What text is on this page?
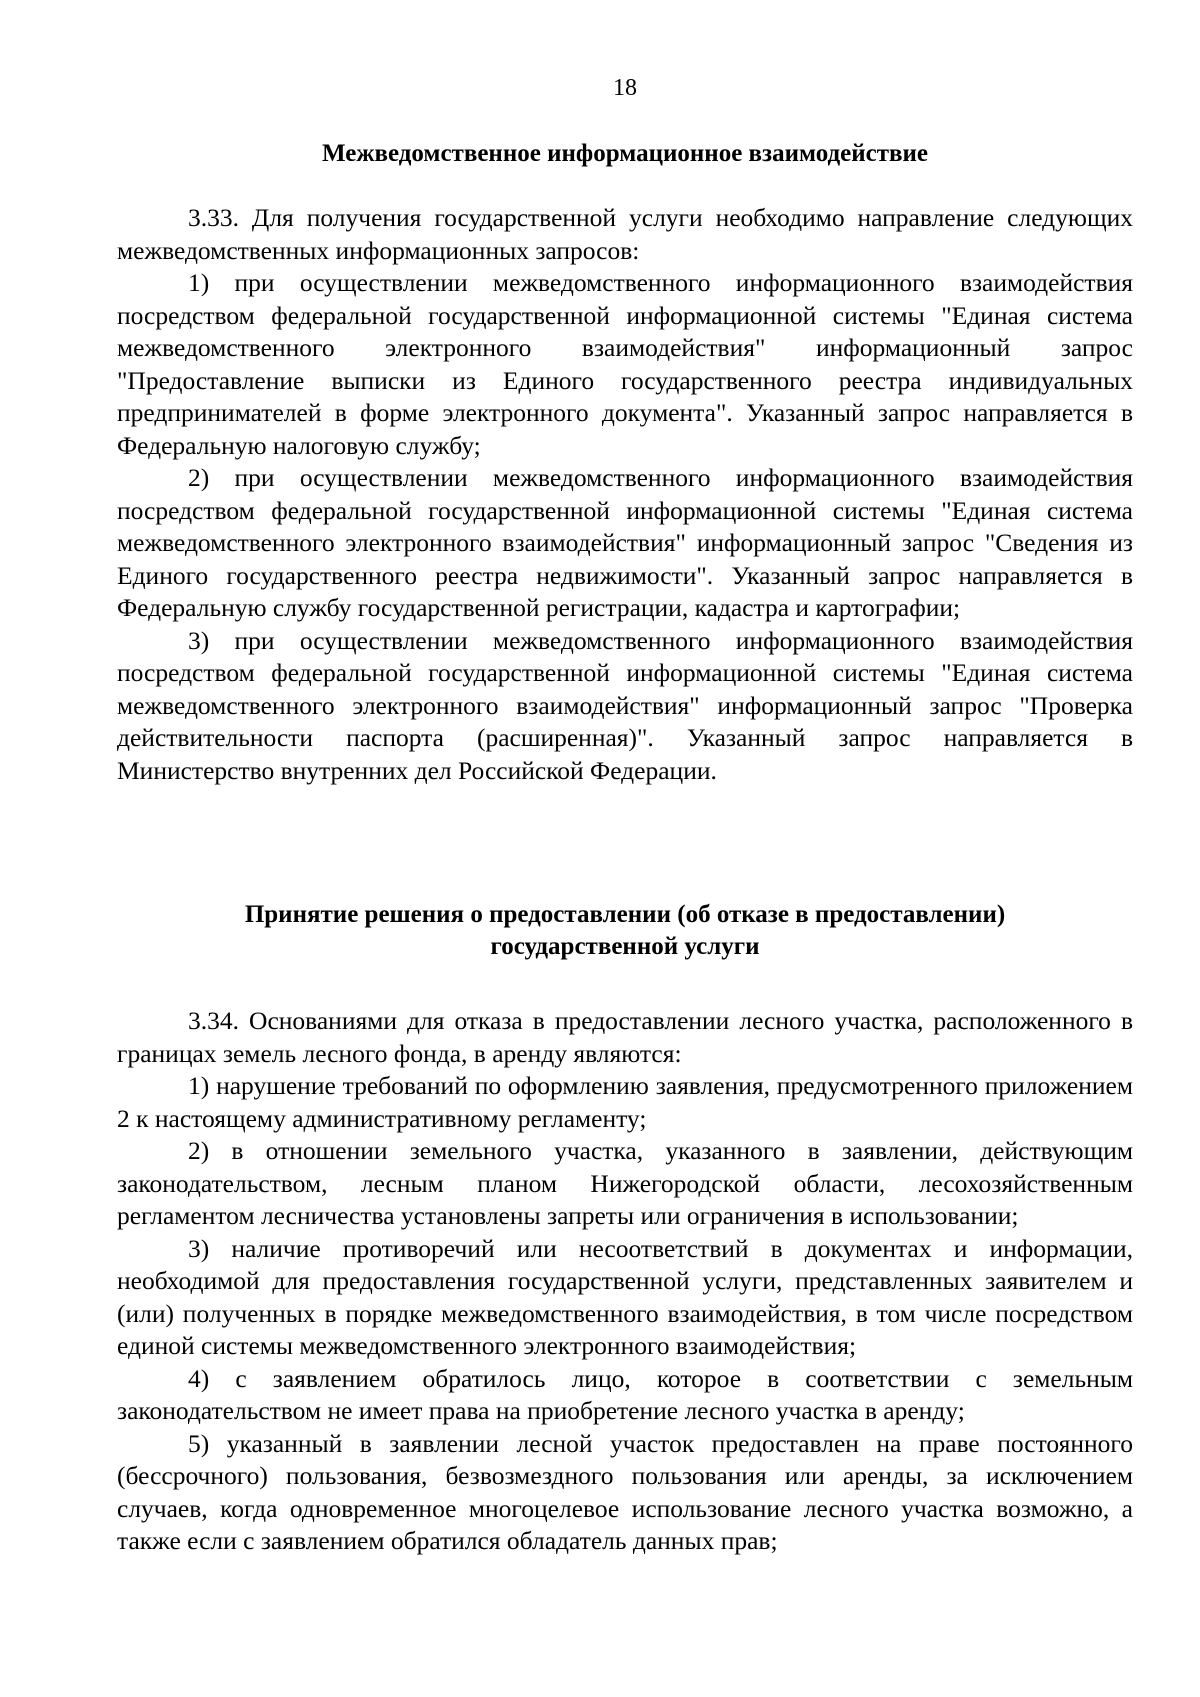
18
Межведомственное информационное взаимодействие

3.33. Для получения государственной услуги необходимо направление следующих межведомственных информационных запросов:

1) при осуществлении межведомственного информационного взаимодействия посредством федеральной государственной информационной системы "Единая система межведомственного электронного взаимодействия" информационный запрос "Предоставление выписки из Единого государственного реестра индивидуальных предпринимателей в форме электронного документа". Указанный запрос направляется в Федеральную налоговую службу;

2) при осуществлении межведомственного информационного взаимодействия посредством федеральной государственной информационной системы "Единая система межведомственного электронного взаимодействия" информационный запрос "Сведения из Единого государственного реестра недвижимости". Указанный запрос направляется в Федеральную службу государственной регистрации, кадастра и картографии;

3) при осуществлении межведомственного информационного взаимодействия посредством федеральной государственной информационной системы "Единая система межведомственного электронного взаимодействия" информационный запрос "Проверка действительности паспорта (расширенная)". Указанный запрос направляется в Министерство внутренних дел Российской Федерации.

Принятие решения о предоставлении (об отказе в предоставлении)
государственной услуги

3.34. Основаниями для отказа в предоставлении лесного участка, расположенного в границах земель лесного фонда, в аренду являются:

1) нарушение требований по оформлению заявления, предусмотренного приложением 2 к настоящему административному регламенту;

2) в отношении земельного участка, указанного в заявлении, действующим законодательством, лесным планом Нижегородской области, лесохозяйственным регламентом лесничества установлены запреты или ограничения в использовании;

3) наличие противоречий или несоответствий в документах и информации, необходимой для предоставления государственной услуги, представленных заявителем и (или) полученных в порядке межведомственного взаимодействия, в том числе посредством единой системы межведомственного электронного взаимодействия;

4) с заявлением обратилось лицо, которое в соответствии с земельным законодательством не имеет права на приобретение лесного участка в аренду;

5) указанный в заявлении лесной участок предоставлен на праве постоянного (бессрочного) пользования, безвозмездного пользования или аренды, за исключением случаев, когда одновременное многоцелевое использование лесного участка возможно, а также если с заявлением обратился обладатель данных прав;
